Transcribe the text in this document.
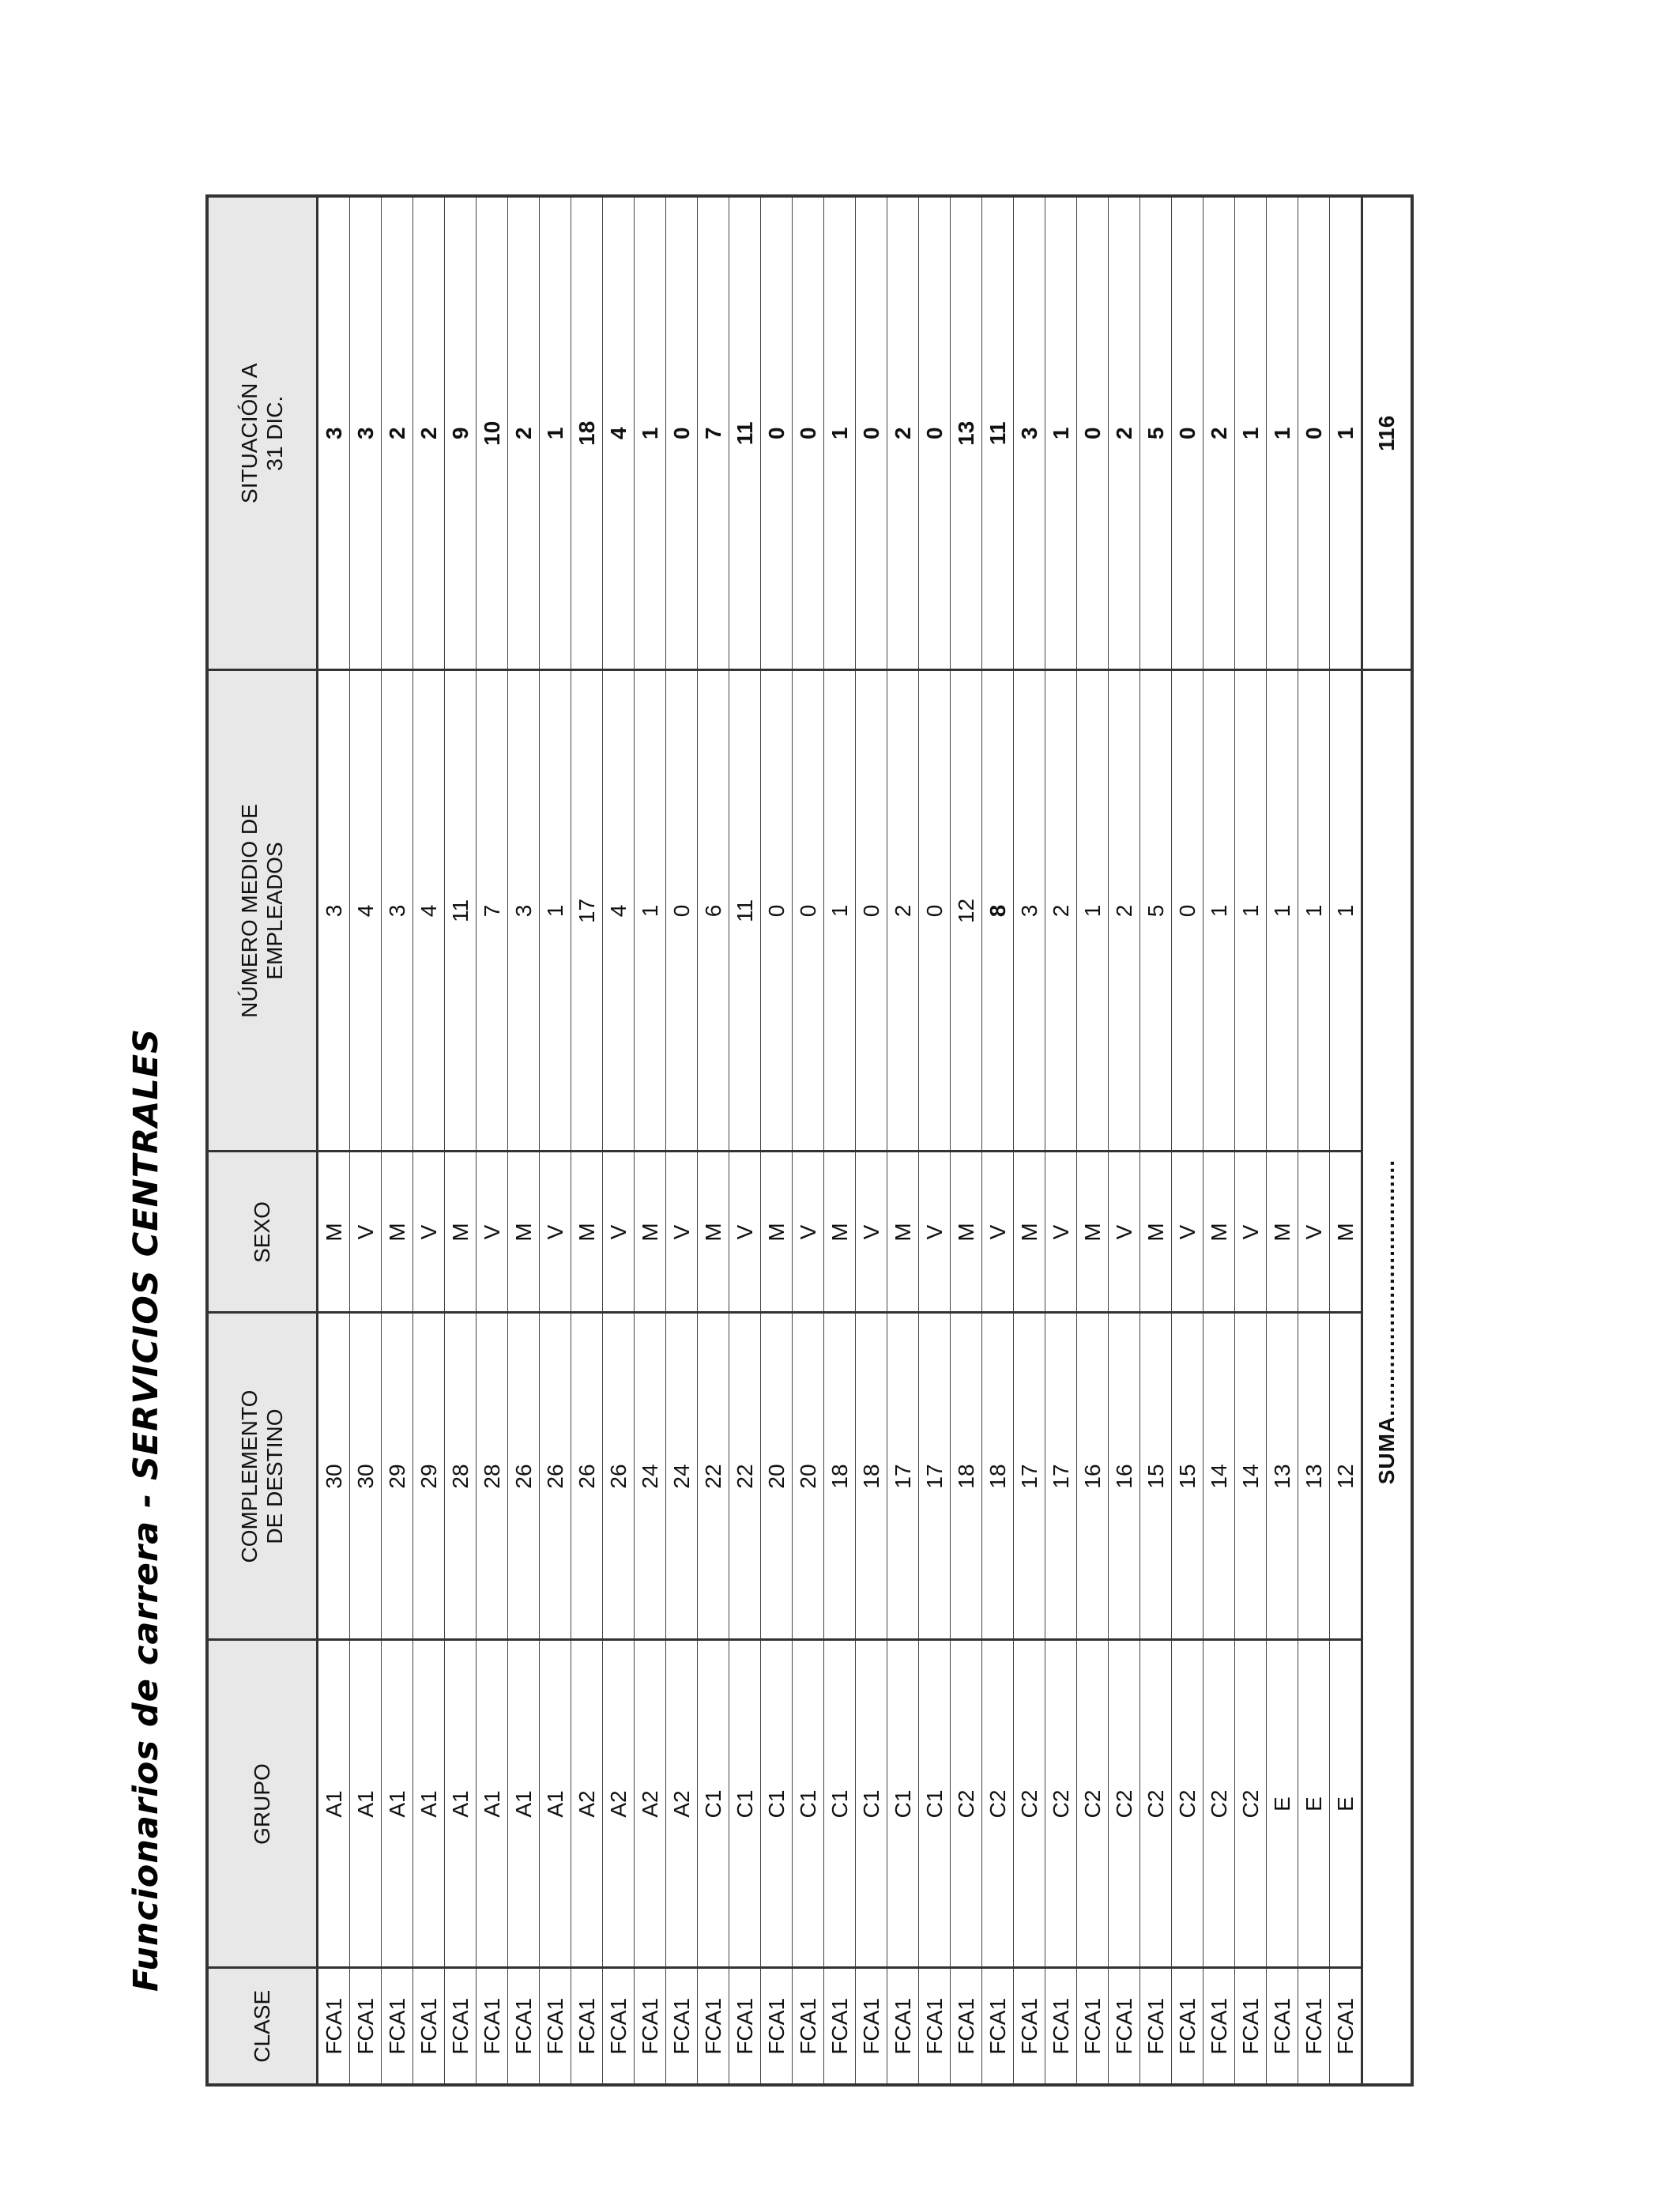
Funcionarios de carrera - SERVICIOS CENTRALES
CLASE	GRUPO	COMPLEMENTO DE DESTINO	SEXO	NÚMERO MEDIO DE EMPLEADOS	SITUACIÓN A 31 DIC.
FCA1	A1	30	M	3	3
FCA1	A1	30	V	4	3
FCA1	A1	29	M	3	2
FCA1	A1	29	V	4	2
FCA1	A1	28	M	11	9
FCA1	A1	28	V	7	10
FCA1	A1	26	M	3	2
FCA1	A1	26	V	1	1
FCA1	A2	26	M	17	18
FCA1	A2	26	V	4	4
FCA1	A2	24	M	1	1
FCA1	A2	24	V	0	0
FCA1	C1	22	M	6	7
FCA1	C1	22	V	11	11
FCA1	C1	20	M	0	0
FCA1	C1	20	V	0	0
FCA1	C1	18	M	1	1
FCA1	C1	18	V	0	0
FCA1	C1	17	M	2	2
FCA1	C1	17	V	0	0
FCA1	C2	18	M	12	13
FCA1	C2	18	V	8	11
FCA1	C2	17	M	3	3
FCA1	C2	17	V	2	1
FCA1	C2	16	M	1	0
FCA1	C2	16	V	2	2
FCA1	C2	15	M	5	5
FCA1	C2	15	V	0	0
FCA1	C2	14	M	1	2
FCA1	C2	14	V	1	1
FCA1	E	13	M	1	1
FCA1	E	13	V	1	0
FCA1	E	12	M	1	1
	SUMA.....................................				116
